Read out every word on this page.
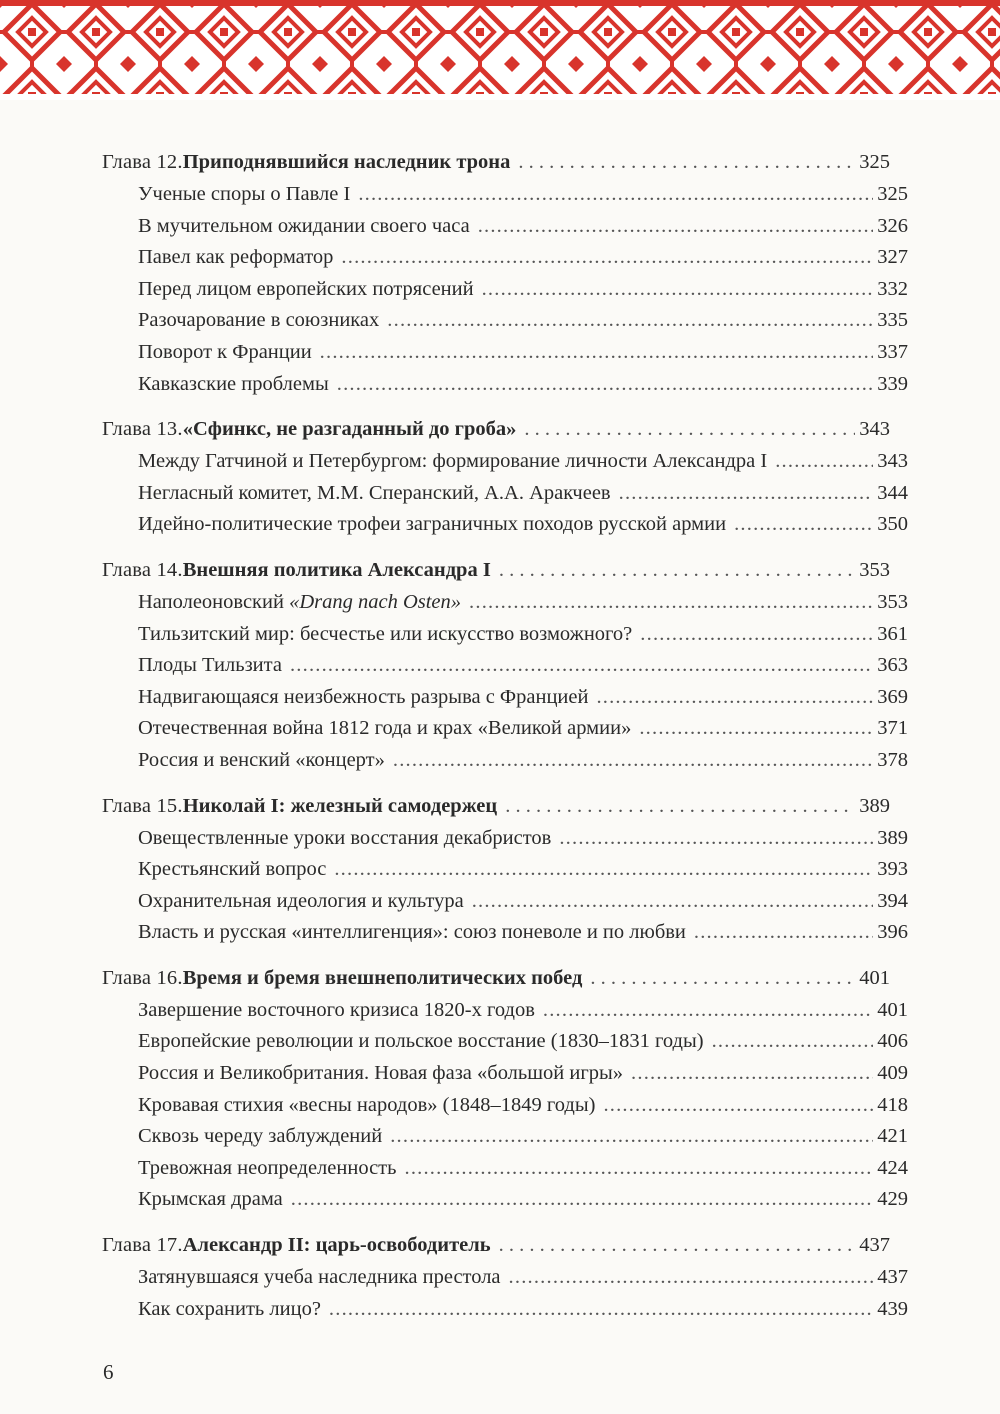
Глава 12. Приподнявшийся наследник трона . . .	325
Ученые споры о Павле I .....	325
В мучительном ожидании своего часа .....	326
Павел как реформатор .....	327
Перед лицом европейских потрясений .....	332
Разочарование в союзниках .....	335
Поворот к Франции .....	337
Кавказские проблемы .....	339
Глава 13. «Сфинкс, не разгаданный до гроба» . . .	343
Между Гатчиной и Петербургом: формирование личности Александра I .....	343
Негласный комитет, М.М. Сперанский, А.А. Аракчеев .....	344
Идейно-политические трофеи заграничных походов русской армии .....	350
Глава 14. Внешняя политика Александра I . . .	353
Наполеоновский «Drang nach Osten» .....	353
Тильзитский мир: бесчестье или искусство возможного? .....	361
Плоды Тильзита .....	363
Надвигающаяся неизбежность разрыва с Францией .....	369
Отечественная война 1812 года и крах «Великой армии» .....	371
Россия и венский «концерт» .....	378
Глава 15. Николай I: железный самодержец . . .	389
Овеществленные уроки восстания декабристов .....	389
Крестьянский вопрос .....	393
Охранительная идеология и культура .....	394
Власть и русская «интеллигенция»: союз поневоле и по любви .....	396
Глава 16. Время и бремя внешнеполитических побед . . .	401
Завершение восточного кризиса 1820-х годов .....	401
Европейские революции и польское восстание (1830–1831 годы) .....	406
Россия и Великобритания. Новая фаза «большой игры» .....	409
Кровавая стихия «весны народов» (1848–1849 годы) .....	418
Сквозь череду заблуждений .....	421
Тревожная неопределенность .....	424
Крымская драма .....	429
Глава 17. Александр II: царь-освободитель . . .	437
Затянувшаяся учеба наследника престола .....	437
Как сохранить лицо? .....	439
6
